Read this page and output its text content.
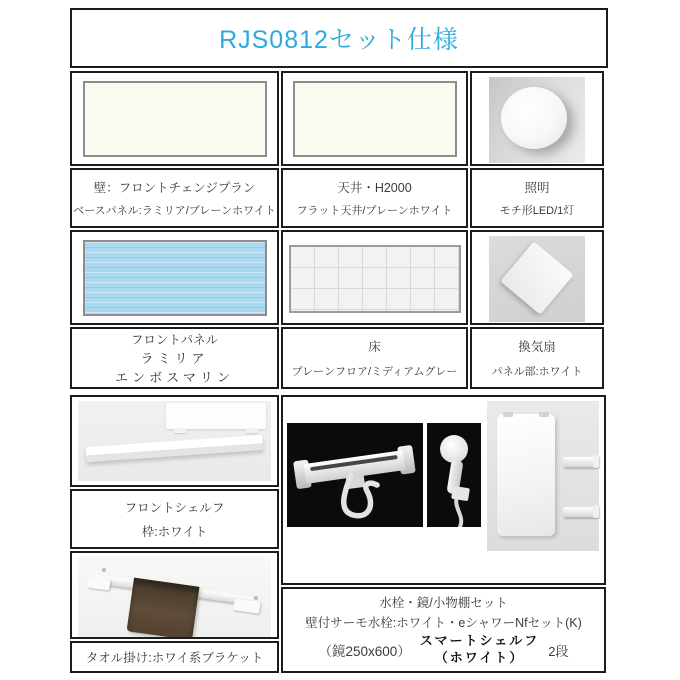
RJS0812セット仕様
壁：フロントチェンジプラン
ベースパネル:ラミリア/プレーンホワイト
天井・H2000
フラット天井/プレーンホワイト
照明
モチ形LED/1灯
フロントパネル
ラミリア
エンボスマリン
床
プレーンフロア/ミディアムグレー
換気扇
パネル部:ホワイト
フロントシェルフ
枠:ホワイト
タオル掛け:ホワイ系ブラケット
水栓・鏡/小物棚セット
壁付サーモ水栓:ホワイト・eシャワーNfセット(K)
（鏡250x600）
スマートシェルフ
（ホワイト）	2段
